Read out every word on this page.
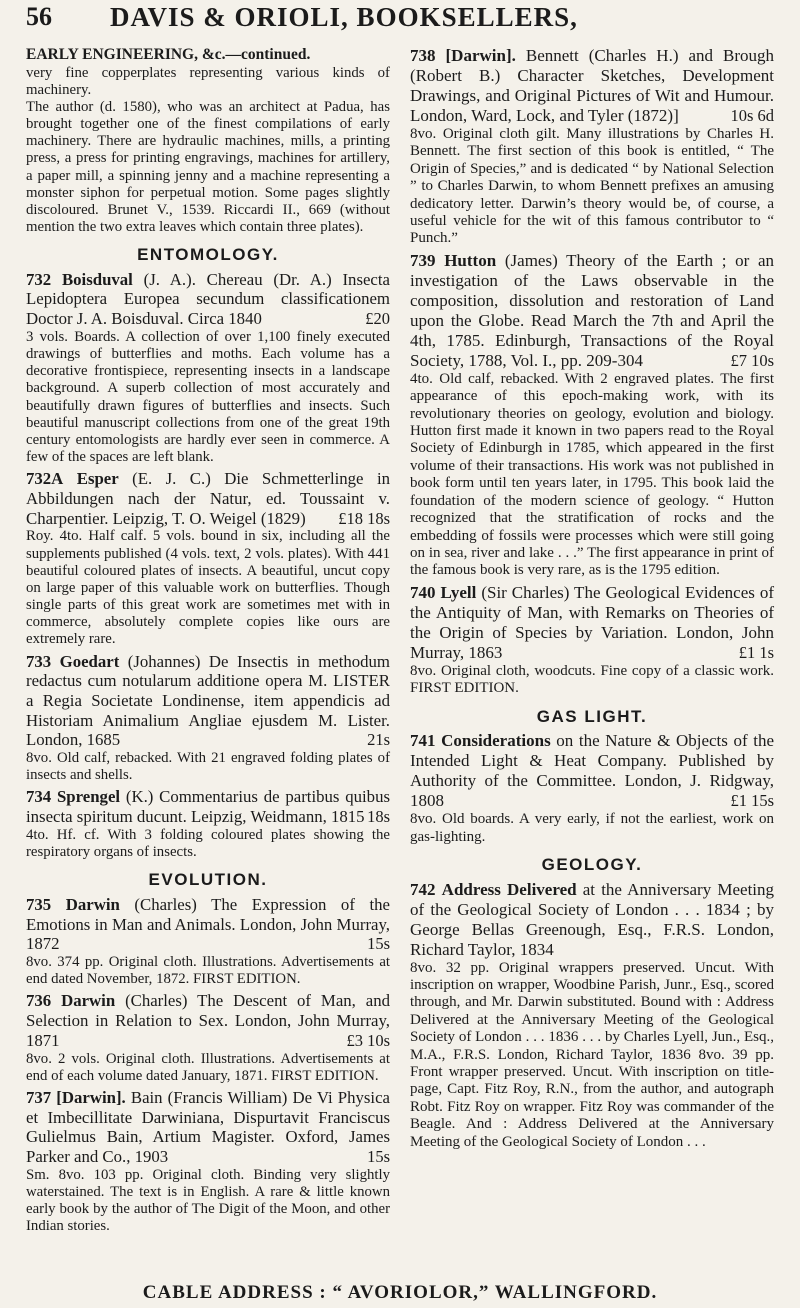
56 DAVIS & ORIOLI, BOOKSELLERS,
EARLY ENGINEERING, &c.—continued.

very fine copperplates representing various kinds of machinery.

The author (d. 1580), who was an architect at Padua, has brought together one of the finest compilations of early machinery. There are hydraulic machines, mills, a printing press, a press for printing engravings, machines for artillery, a paper mill, a spinning jenny and a machine representing a monster siphon for perpetual motion. Some pages slightly discoloured. Brunet V., 1539. Riccardi II., 669 (without mention the two extra leaves which contain three plates).

ENTOMOLOGY.
732 Boisduval (J. A.). Chereau (Dr. A.) Insecta Lepidoptera Europea secundum classificationem Doctor J. A. Boisduval. Circa 1840	£20
3 vols. Boards. A collection of over 1,100 finely executed drawings of butterflies and moths. Each volume has a decorative frontispiece, representing insects in a landscape background. A superb collection of most accurately and beautifully drawn figures of butterflies and insects. Such beautiful manuscript collections from one of the great 19th century entomologists are hardly ever seen in commerce. A few of the spaces are left blank.
732A Esper (E. J. C.) Die Schmetterlinge in Abbildungen nach der Natur, ed. Toussaint v. Charpentier. Leipzig, T. O. Weigel (1829) £18 18s
Roy. 4to. Half calf. 5 vols. bound in six, including all the supplements published (4 vols. text, 2 vols. plates). With 441 beautiful coloured plates of insects. A beautiful, uncut copy on large paper of this valuable work on butterflies. Though single parts of this great work are sometimes met with in commerce, absolutely complete copies like ours are extremely rare.
733 Goedart (Johannes) De Insectis in methodum redactus cum notularum additione opera M. LISTER a Regia Societate Londinense, item appendicis ad Historiam Animalium Angliae ejusdem M. Lister. London, 1685	21s
8vo. Old calf, rebacked. With 21 engraved folding plates of insects and shells.
734 Sprengel (K.) Commentarius de partibus quibus insecta spiritum ducunt. Leipzig, Weidmann, 1815 18s
4to. Hf. cf. With 3 folding coloured plates showing the respiratory organs of insects.
EVOLUTION.
735 Darwin (Charles) The Expression of the Emotions in Man and Animals. London, John Murray, 1872	15s
8vo. 374 pp. Original cloth. Illustrations. Advertisements at end dated November, 1872. FIRST EDITION.
736 Darwin (Charles) The Descent of Man, and Selection in Relation to Sex. London, John Murray, 1871	£3 10s
8vo. 2 vols. Original cloth. Illustrations. Advertisements at end of each volume dated January, 1871. FIRST EDITION.
737 [Darwin]. Bain (Francis William) De Vi Physica et Imbecillitate Darwiniana, Dispurtavit Franciscus Gulielmus Bain, Artium Magister. Oxford, James Parker and Co., 1903	15s
Sm. 8vo. 103 pp. Original cloth. Binding very slightly waterstained. The text is in English. A rare & little known early book by the author of The Digit of the Moon, and other Indian stories.
738 [Darwin]. Bennett (Charles H.) and Brough (Robert B.) Character Sketches, Development Drawings, and Original Pictures of Wit and Humour. London, Ward, Lock, and Tyler (1872)]	10s 6d
8vo. Original cloth gilt. Many illustrations by Charles H. Bennett. The first section of this book is entitled, “ The Origin of Species,” and is dedicated “ by National Selection ” to Charles Darwin, to whom Bennett prefixes an amusing dedicatory letter. Darwin’s theory would be, of course, a useful vehicle for the wit of this famous contributor to “ Punch.”
739 Hutton (James) Theory of the Earth ; or an investigation of the Laws observable in the composition, dissolution and restoration of Land upon the Globe. Read March the 7th and April the 4th, 1785. Edinburgh, Transactions of the Royal Society, 1788, Vol. I., pp. 209-304	£7 10s
4to. Old calf, rebacked. With 2 engraved plates. The first appearance of this epoch-making work, with its revolutionary theories on geology, evolution and biology. Hutton first made it known in two papers read to the Royal Society of Edinburgh in 1785, which appeared in the first volume of their transactions. His work was not published in book form until ten years later, in 1795. This book laid the foundation of the modern science of geology. “ Hutton recognized that the stratification of rocks and the embedding of fossils were processes which were still going on in sea, river and lake . . .” The first appearance in print of the famous book is very rare, as is the 1795 edition.
740 Lyell (Sir Charles) The Geological Evidences of the Antiquity of Man, with Remarks on Theories of the Origin of Species by Variation. London, John Murray, 1863	£1 1s
8vo. Original cloth, woodcuts. Fine copy of a classic work. FIRST EDITION.
GAS LIGHT.
741 Considerations on the Nature & Objects of the Intended Light & Heat Company. Published by Authority of the Committee. London, J. Ridgway, 1808	£1 15s
8vo. Old boards. A very early, if not the earliest, work on gas-lighting.
GEOLOGY.
742 Address Delivered at the Anniversary Meeting of the Geological Society of London . . . 1834 ; by George Bellas Greenough, Esq., F.R.S. London, Richard Taylor, 1834
8vo. 32 pp. Original wrappers preserved. Uncut. With inscription on wrapper, Woodbine Parish, Junr., Esq., scored through, and Mr. Darwin substituted. Bound with : Address Delivered at the Anniversary Meeting of the Geological Society of London . . . 1836 . . . by Charles Lyell, Jun., Esq., M.A., F.R.S. London, Richard Taylor, 1836 8vo. 39 pp. Front wrapper preserved. Uncut. With inscription on title-page, Capt. Fitz Roy, R.N., from the author, and autograph Robt. Fitz Roy on wrapper. Fitz Roy was commander of the Beagle. And : Address Delivered at the Anniversary Meeting of the Geological Society of London . . .
CABLE ADDRESS : “ AVORIOLOR,” WALLINGFORD.
